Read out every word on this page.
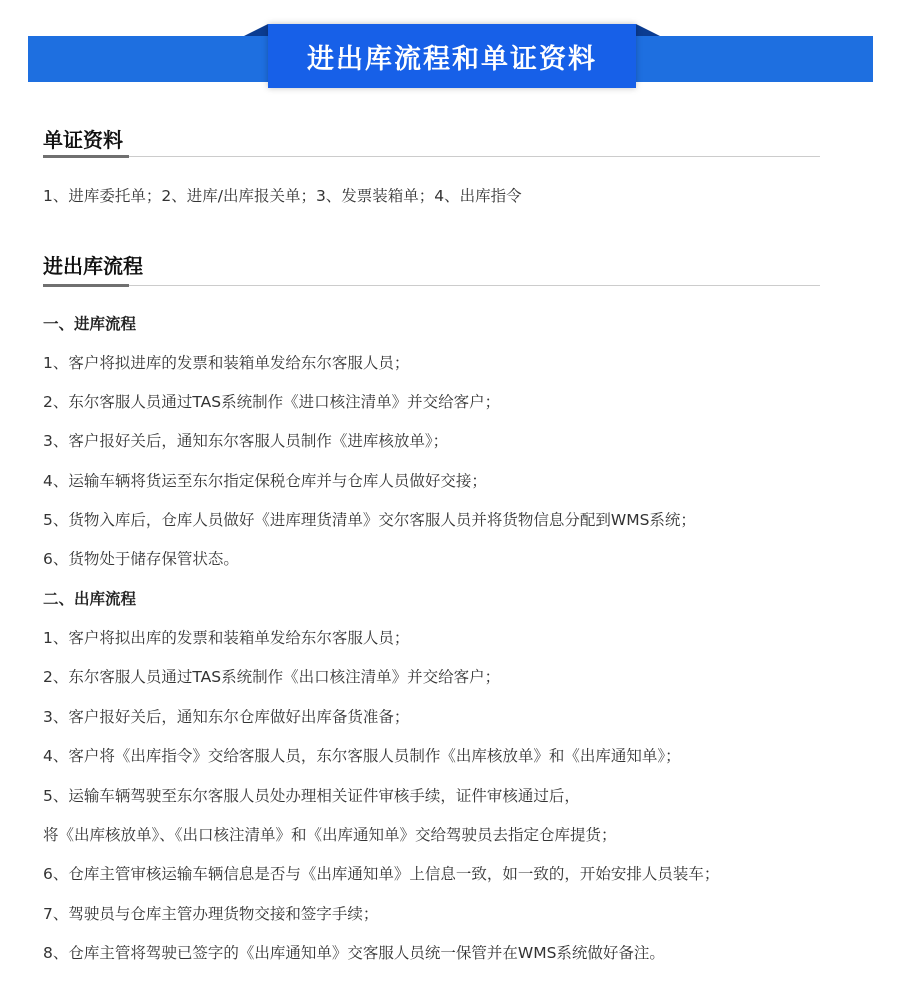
进出库流程和单证资料
单证资料
1、进库委托单；2、进库/出库报关单；3、发票装箱单；4、出库指令
进出库流程
一、进库流程
1、客户将拟进库的发票和装箱单发给东尔客服人员；
2、东尔客服人员通过TAS系统制作《进口核注清单》并交给客户；
3、客户报好关后，通知东尔客服人员制作《进库核放单》；
4、运输车辆将货运至东尔指定保税仓库并与仓库人员做好交接；
5、货物入库后，仓库人员做好《进库理货清单》交尔客服人员并将货物信息分配到WMS系统；
6、货物处于储存保管状态。
二、出库流程
1、客户将拟出库的发票和装箱单发给东尔客服人员；
2、东尔客服人员通过TAS系统制作《出口核注清单》并交给客户；
3、客户报好关后，通知东尔仓库做好出库备货准备；
4、客户将《出库指令》交给客服人员，东尔客服人员制作《出库核放单》和《出库通知单》；
5、运输车辆驾驶至东尔客服人员处办理相关证件审核手续，证件审核通过后，
将《出库核放单》、《出口核注清单》和《出库通知单》交给驾驶员去指定仓库提货；
6、仓库主管审核运输车辆信息是否与《出库通知单》上信息一致，如一致的，开始安排人员装车；
7、驾驶员与仓库主管办理货物交接和签字手续；
8、仓库主管将驾驶已签字的《出库通知单》交客服人员统一保管并在WMS系统做好备注。
